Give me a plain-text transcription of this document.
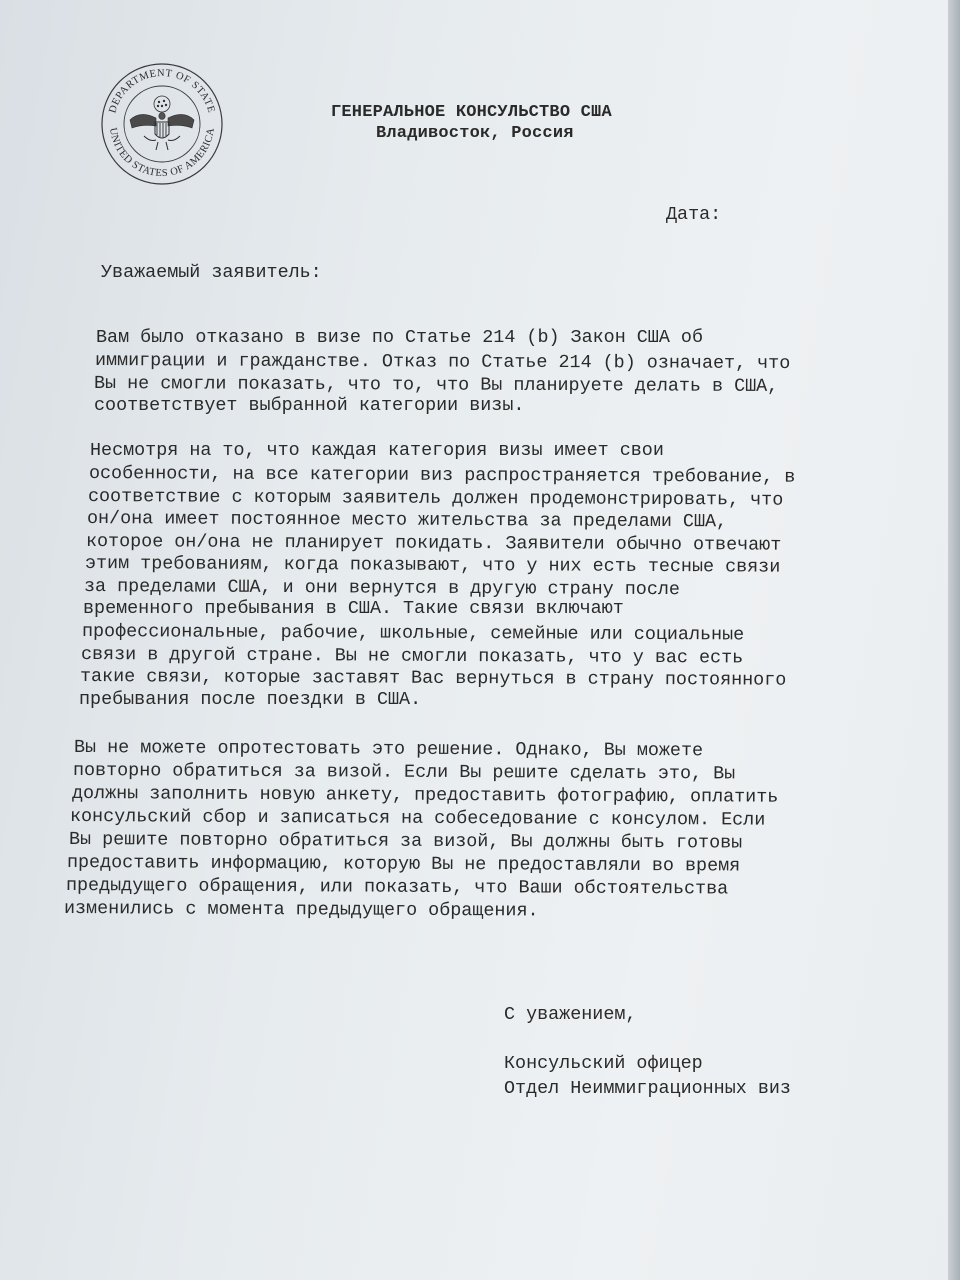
DEPARTMENT OF STATE
UNITED STATES OF AMERICA
ГЕНЕРАЛЬНОЕ КОНСУЛЬСТВО США
Владивосток, Россия
Дата:
Уважаемый заявитель:
Вам было отказано в визе по Статье 214 (b) Закон США об
иммиграции и гражданстве. Отказ по Статье 214 (b) означает, что
Вы не смогли показать, что то, что Вы планируете делать в США,
соответствует выбранной категории визы.
Несмотря на то, что каждая категория визы имеет свои
особенности, на все категории виз распространяется требование, в
соответствие с которым заявитель должен продемонстрировать, что
он/она имеет постоянное место жительства за пределами США,
которое он/она не планирует покидать. Заявители обычно отвечают
этим требованиям, когда показывают, что у них есть тесные связи
за пределами США, и они вернутся в другую страну после
временного пребывания в США. Такие связи включают
профессиональные, рабочие, школьные, семейные или социальные
связи в другой стране. Вы не смогли показать, что у вас есть
такие связи, которые заставят Вас вернуться в страну постоянного
пребывания после поездки в США.
Вы не можете опротестовать это решение. Однако, Вы можете
повторно обратиться за визой. Если Вы решите сделать это, Вы
должны заполнить новую анкету, предоставить фотографию, оплатить
консульский сбор и записаться на собеседование с консулом. Если
Вы решите повторно обратиться за визой, Вы должны быть готовы
предоставить информацию, которую Вы не предоставляли во время
предыдущего обращения, или показать, что Ваши обстоятельства
изменились с момента предыдущего обращения.
С уважением,
Консульский офицер
Отдел Неиммиграционных виз
